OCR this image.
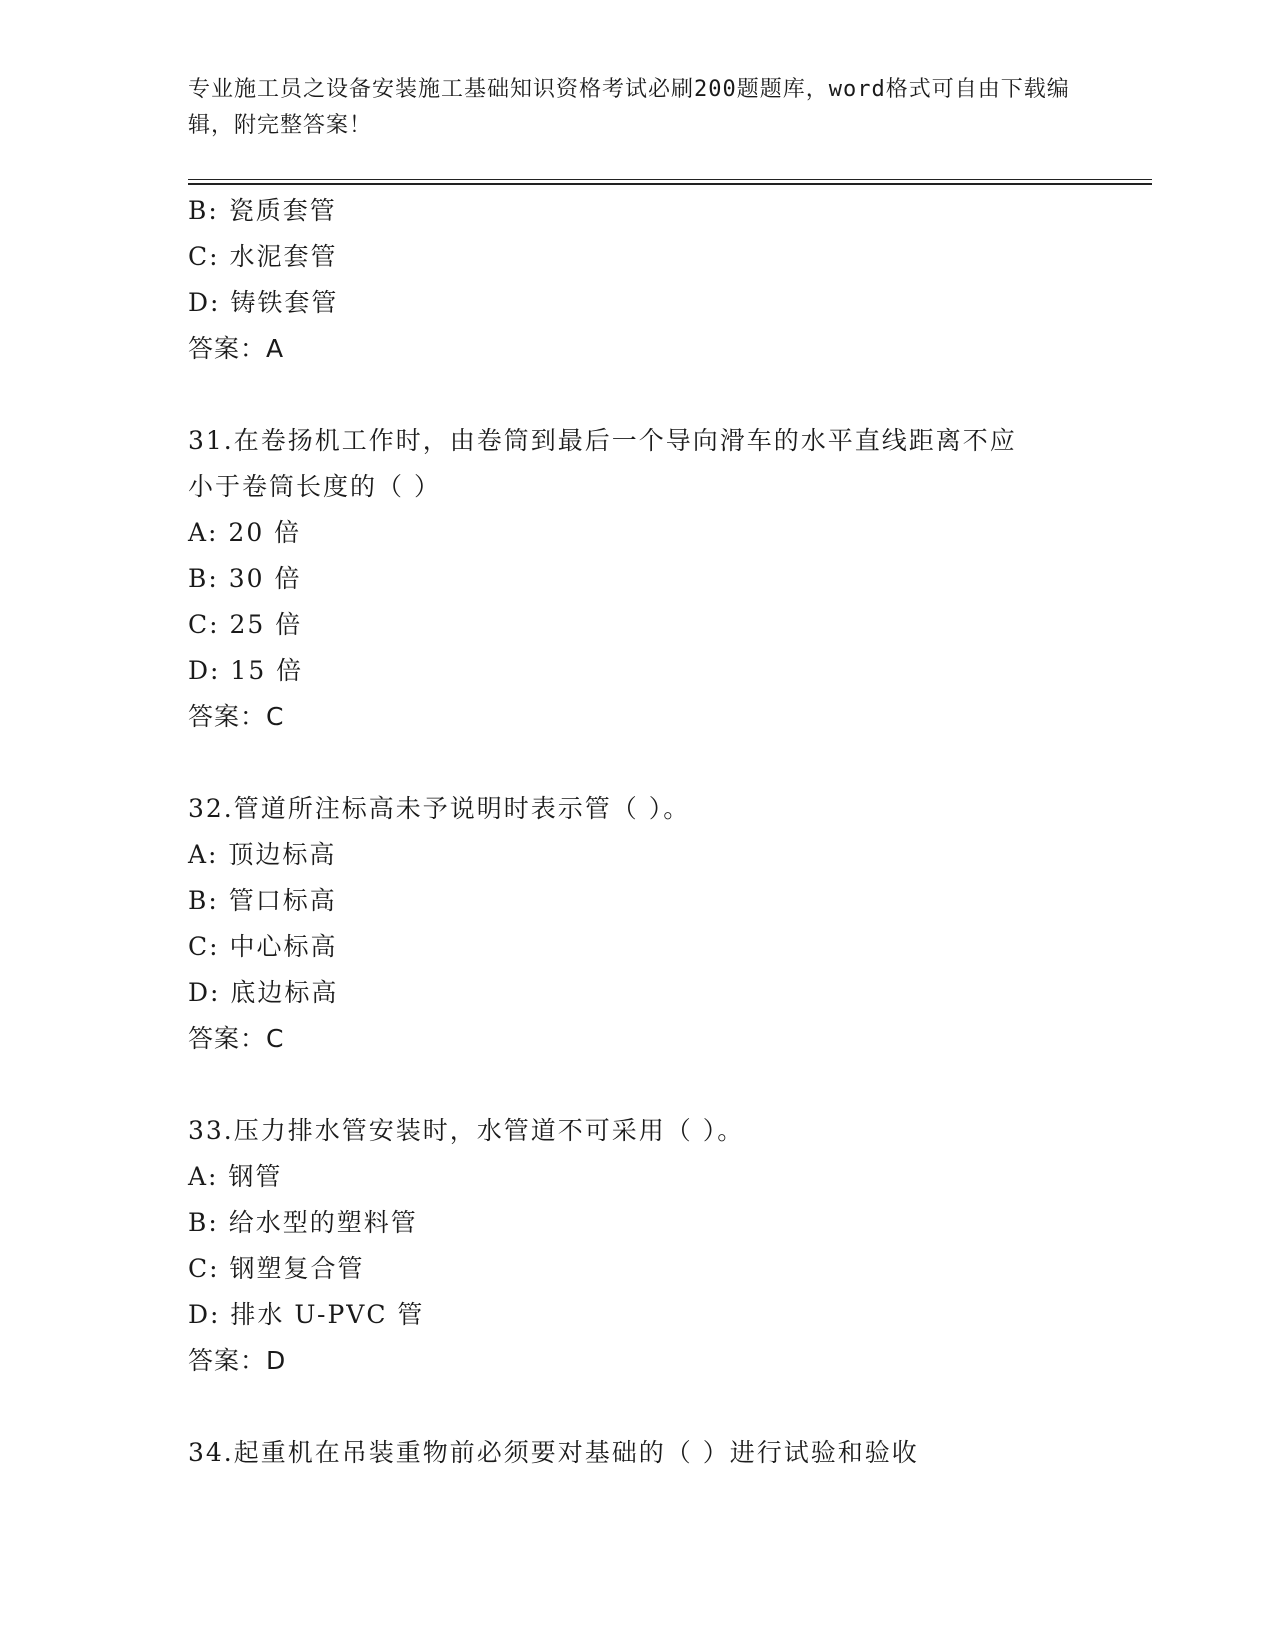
专业施工员之设备安装施工基础知识资格考试必刷200题题库，word格式可自由下载编辑，附完整答案！
B: 瓷质套管
C: 水泥套管
D: 铸铁套管
答案：A
31.在卷扬机工作时，由卷筒到最后一个导向滑车的水平直线距离不应
小于卷筒长度的（ ）
A: 20 倍
B: 30 倍
C: 25 倍
D: 15 倍
答案：C
32.管道所注标高未予说明时表示管（ ）。
A: 顶边标高
B: 管口标高
C: 中心标高
D: 底边标高
答案：C
33.压力排水管安装时，水管道不可采用（ ）。
A: 钢管
B: 给水型的塑料管
C: 钢塑复合管
D: 排水 U-PVC 管
答案：D
34.起重机在吊装重物前必须要对基础的（ ）进行试验和验收
